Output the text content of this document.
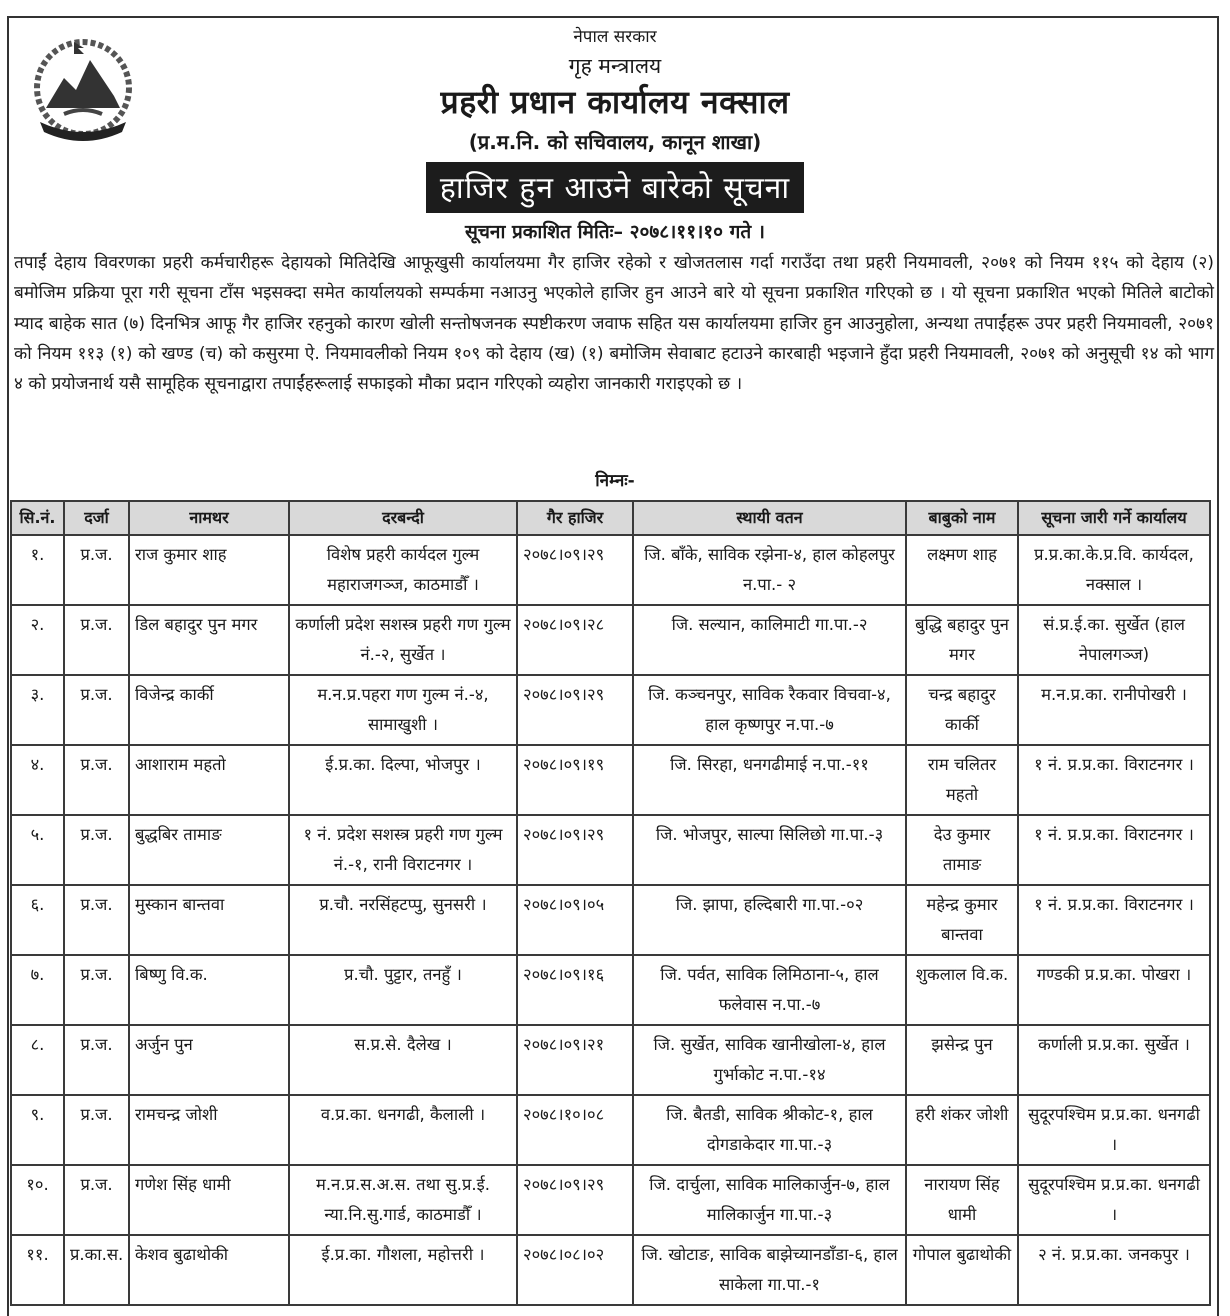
नेपाल सरकार
गृह मन्त्रालय
प्रहरी प्रधान कार्यालय नक्साल
(प्र.म.नि. को सचिवालय, कानून शाखा)
हाजिर हुन आउने बारेको सूचना
सूचना प्रकाशित मितिः– २०७८।११।१० गते ।
तपाईं देहाय विवरणका प्रहरी कर्मचारीहरू देहायको मितिदेखि आफूखुसी कार्यालयमा गैर हाजिर रहेको र खोजतलास गर्दा गराउँदा तथा प्रहरी नियमावली, २०७१ को नियम ११५ को देहाय (२) बमोजिम प्रक्रिया पूरा गरी सूचना टाँस भइसक्दा समेत कार्यालयको सम्पर्कमा नआउनु भएकोले हाजिर हुन आउने बारे यो सूचना प्रकाशित गरिएको छ । यो सूचना प्रकाशित भएको मितिले बाटोको म्याद बाहेक सात (७) दिनभित्र आफू गैर हाजिर रहनुको कारण खोली सन्तोषजनक स्पष्टीकरण जवाफ सहित यस कार्यालयमा हाजिर हुन आउनुहोला, अन्यथा तपाईंहरू उपर प्रहरी नियमावली, २०७१ को नियम ११३ (१) को खण्ड (च) को कसुरमा ऐ. नियमावलीको नियम १०९ को देहाय (ख) (१) बमोजिम सेवाबाट हटाउने कारबाही भइजाने हुँदा प्रहरी नियमावली, २०७१ को अनुसूची १४ को भाग ४ को प्रयोजनार्थ यसै सामूहिक सूचनाद्वारा तपाईंहरूलाई सफाइको मौका प्रदान गरिएको व्यहोरा जानकारी गराइएको छ ।
निम्नः-
सि.नं.	दर्जा	नामथर	दरबन्दी	गैर हाजिर	स्थायी वतन	बाबुको नाम	सूचना जारी गर्ने कार्यालय
१.	प्र.ज.	राज कुमार शाह	विशेष प्रहरी कार्यदल गुल्म महाराजगञ्ज, काठमाडौँ ।	२०७८।०९।२९	जि. बाँके, साविक रझेना-४, हाल कोहलपुर न.पा.- २	लक्ष्मण शाह	प्र.प्र.का.के.प्र.वि. कार्यदल, नक्साल ।
२.	प्र.ज.	डिल बहादुर पुन मगर	कर्णाली प्रदेश सशस्त्र प्रहरी गण गुल्म नं.-२, सुर्खेत ।	२०७८।०९।२८	जि. सल्यान, कालिमाटी गा.पा.-२	बुद्धि बहादुर पुन मगर	सं.प्र.ई.का. सुर्खेत (हाल नेपालगञ्ज)
३.	प्र.ज.	विजेन्द्र कार्की	म.न.प्र.पहरा गण गुल्म नं.-४, सामाखुशी ।	२०७८।०९।२९	जि. कञ्चनपुर, साविक रैकवार विचवा-४, हाल कृष्णपुर न.पा.-७	चन्द्र बहादुर कार्की	म.न.प्र.का. रानीपोखरी ।
४.	प्र.ज.	आशाराम महतो	ई.प्र.का. दिल्पा, भोजपुर ।	२०७८।०९।१९	जि. सिरहा, धनगढीमाई न.पा.-११	राम चलितर महतो	१ नं. प्र.प्र.का. विराटनगर ।
५.	प्र.ज.	बुद्धबिर तामाङ	१ नं. प्रदेश सशस्त्र प्रहरी गण गुल्म नं.-१, रानी विराटनगर ।	२०७८।०९।२९	जि. भोजपुर, साल्पा सिलिछो गा.पा.-३	देउ कुमार तामाङ	१ नं. प्र.प्र.का. विराटनगर ।
६.	प्र.ज.	मुस्कान बान्तवा	प्र.चौ. नरसिंहटप्पु, सुनसरी ।	२०७८।०९।०५	जि. झापा, हल्दिबारी गा.पा.-०२	महेन्द्र कुमार बान्तवा	१ नं. प्र.प्र.का. विराटनगर ।
७.	प्र.ज.	बिष्णु वि.क.	प्र.चौ. पुट्टार, तनहुँ ।	२०७८।०९।१६	जि. पर्वत, साविक लिमिठाना-५, हाल फलेवास न.पा.-७	शुकलाल वि.क.	गण्डकी प्र.प्र.का. पोखरा ।
८.	प्र.ज.	अर्जुन पुन	स.प्र.से. दैलेख ।	२०७८।०९।२१	जि. सुर्खेत, साविक खानीखोला-४, हाल गुर्भाकोट न.पा.-१४	झसेन्द्र पुन	कर्णाली प्र.प्र.का. सुर्खेत ।
९.	प्र.ज.	रामचन्द्र जोशी	व.प्र.का. धनगढी, कैलाली ।	२०७८।१०।०८	जि. बैतडी, साविक श्रीकोट-१, हाल दोगडाकेदार गा.पा.-३	हरी शंकर जोशी	सुदूरपश्चिम प्र.प्र.का. धनगढी ।
१०.	प्र.ज.	गणेश सिंह धामी	म.न.प्र.स.अ.स. तथा सु.प्र.ई. न्या.नि.सु.गार्ड, काठमाडौँ ।	२०७८।०९।२९	जि. दार्चुला, साविक मालिकार्जुन-७, हाल मालिकार्जुन गा.पा.-३	नारायण सिंह धामी	सुदूरपश्चिम प्र.प्र.का. धनगढी ।
११.	प्र.का.स.	केशव बुढाथोकी	ई.प्र.का. गौशला, महोत्तरी ।	२०७८।०८।०२	जि. खोटाङ, साविक बाझेच्यानडाँडा-६, हाल साकेला गा.पा.-१	गोपाल बुढाथोकी	२ नं. प्र.प्र.का. जनकपुर ।
